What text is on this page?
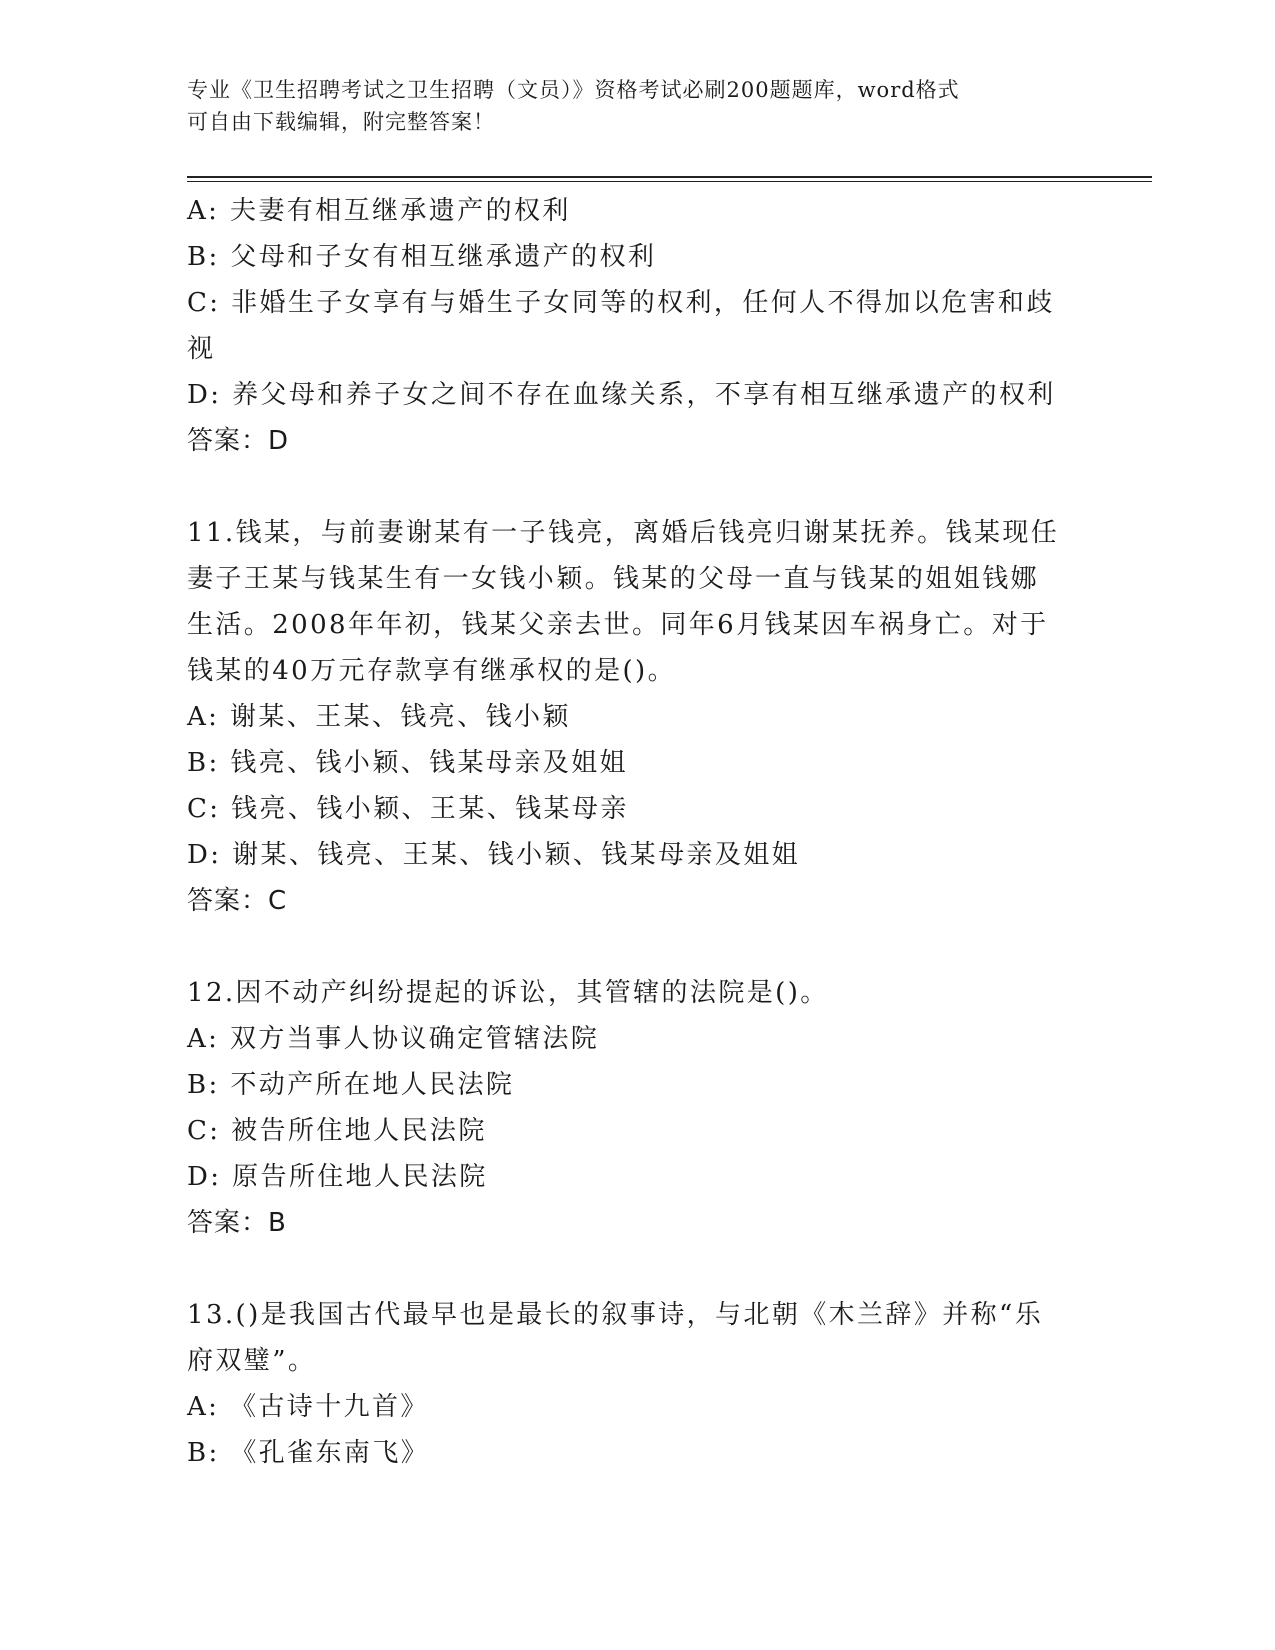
专业《卫生招聘考试之卫生招聘（文员）》资格考试必刷200题题库，word格式
可自由下载编辑，附完整答案！
A: 夫妻有相互继承遗产的权利
B: 父母和子女有相互继承遗产的权利
C: 非婚生子女享有与婚生子女同等的权利，任何人不得加以危害和歧
视
D: 养父母和养子女之间不存在血缘关系，不享有相互继承遗产的权利
答案：D
11.钱某，与前妻谢某有一子钱亮，离婚后钱亮归谢某抚养。钱某现任
妻子王某与钱某生有一女钱小颖。钱某的父母一直与钱某的姐姐钱娜
生活。2008年年初，钱某父亲去世。同年6月钱某因车祸身亡。对于
钱某的40万元存款享有继承权的是()。
A: 谢某、王某、钱亮、钱小颖
B: 钱亮、钱小颖、钱某母亲及姐姐
C: 钱亮、钱小颖、王某、钱某母亲
D: 谢某、钱亮、王某、钱小颖、钱某母亲及姐姐
答案：C
12.因不动产纠纷提起的诉讼，其管辖的法院是()。
A: 双方当事人协议确定管辖法院
B: 不动产所在地人民法院
C: 被告所住地人民法院
D: 原告所住地人民法院
答案：B
13.()是我国古代最早也是最长的叙事诗，与北朝《木兰辞》并称“乐
府双璧”。
A: 《古诗十九首》
B: 《孔雀东南飞》
